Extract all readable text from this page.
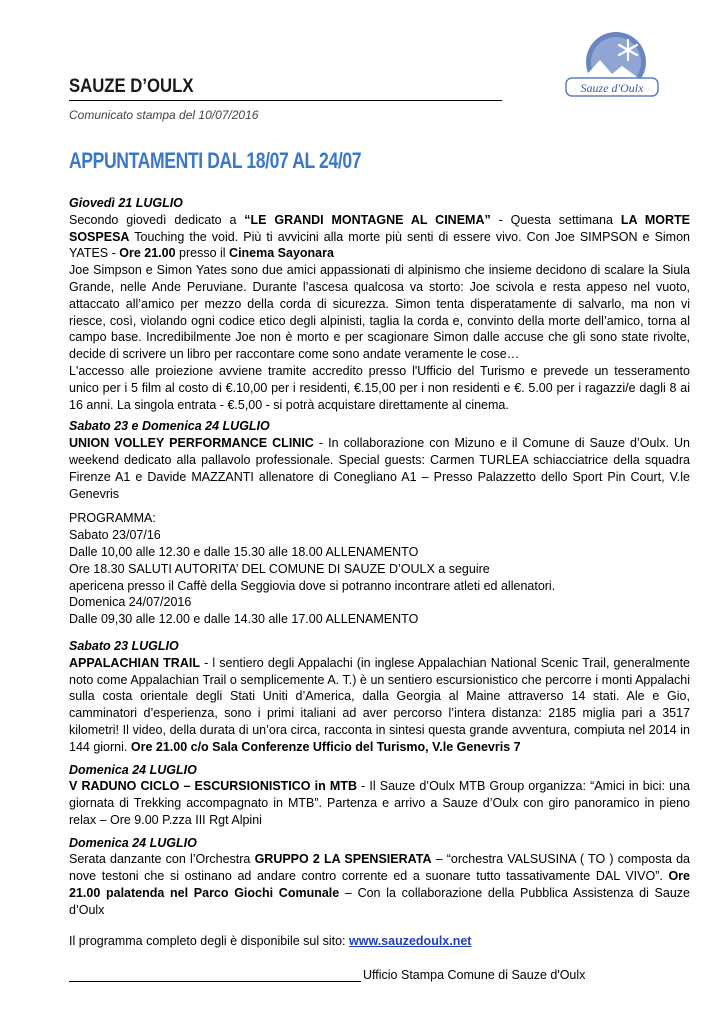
Sauze d'Oulx
SAUZE D’OULX
Comunicato stampa del 10/07/2016
APPUNTAMENTI DAL 18/07 AL 24/07
Giovedì 21 LUGLIO

Secondo giovedì dedicato a “LE GRANDI MONTAGNE AL CINEMA” - Questa settimana LA MORTE SOSPESA Touching the void. Più ti avvicini alla morte più senti di essere vivo. Con Joe SIMPSON e Simon YATES - Ore 21.00 presso il Cinema Sayonara

Joe Simpson e Simon Yates sono due amici appassionati di alpinismo che insieme decidono di scalare la Siula Grande, nelle Ande Peruviane. Durante l’ascesa qualcosa va storto: Joe scivola e resta appeso nel vuoto, attaccato all’amico per mezzo della corda di sicurezza. Simon tenta disperatamente di salvarlo, ma non vi riesce, così, violando ogni codice etico degli alpinisti, taglia la corda e, convinto della morte dell’amico, torna al campo base. Incredibilmente Joe non è morto e per scagionare Simon dalle accuse che gli sono state rivolte, decide di scrivere un libro per raccontare come sono andate veramente le cose…

L'accesso alle proiezione avviene tramite accredito presso l'Ufficio del Turismo e prevede un tesseramento unico per i 5 film al costo di €.10,00 per i residenti, €.15,00 per i non residenti e €. 5.00 per i ragazzi/e dagli 8 ai 16 anni. La singola entrata - €.5,00 - si potrà acquistare direttamente al cinema.

Sabato 23 e Domenica 24 LUGLIO

UNION VOLLEY PERFORMANCE CLINIC - In collaborazione con Mizuno e il Comune di Sauze d’Oulx. Un weekend dedicato alla pallavolo professionale. Special guests: Carmen TURLEA schiacciatrice della squadra Firenze A1 e Davide MAZZANTI allenatore di Conegliano A1 – Presso Palazzetto dello Sport Pin Court, V.le Genevris

PROGRAMMA:
Sabato 23/07/16
Dalle 10,00 alle 12.30 e dalle 15.30 alle 18.00 ALLENAMENTO
Ore 18.30 SALUTI AUTORITA’ DEL COMUNE DI SAUZE D’OULX a seguire
apericena presso il Caffè della Seggiovia dove si potranno incontrare atleti ed allenatori.
Domenica 24/07/2016
Dalle 09,30 alle 12.00 e dalle 14.30 alle 17.00 ALLENAMENTO
Sabato 23 LUGLIO

APPALACHIAN TRAIL - l sentiero degli Appalachi (in inglese Appalachian National Scenic Trail, generalmente noto come Appalachian Trail o semplicemente A. T.) è un sentiero escursionistico che percorre i monti Appalachi sulla costa orientale degli Stati Uniti d’America, dalla Georgia al Maine attraverso 14 stati. Ale e Gio, camminatori d’esperienza, sono i primi italiani ad aver percorso l’intera distanza: 2185 miglia pari a 3517 kilometri! Il video, della durata di un’ora circa, racconta in sintesi questa grande avventura, compiuta nel 2014 in 144 giorni. Ore 21.00 c/o Sala Conferenze Ufficio del Turismo, V.le Genevris 7

Domenica 24 LUGLIO

V RADUNO CICLO – ESCURSIONISTICO in MTB - Il Sauze d’Oulx MTB Group organizza: “Amici in bici: una giornata di Trekking accompagnato in MTB”. Partenza e arrivo a Sauze d’Oulx con giro panoramico in pieno relax – Ore 9.00 P.zza III Rgt Alpini

Domenica 24 LUGLIO

Serata danzante con l’Orchestra GRUPPO 2 LA SPENSIERATA – “orchestra VALSUSINA ( TO ) composta da nove testoni che si ostinano ad andare contro corrente ed a suonare tutto tassativamente DAL VIVO”. Ore 21.00 palatenda nel Parco Giochi Comunale – Con la collaborazione della Pubblica Assistenza di Sauze d’Oulx

Il programma completo degli è disponibile sul sito: www.sauzedoulx.net
Ufficio Stampa Comune di Sauze d'Oulx
